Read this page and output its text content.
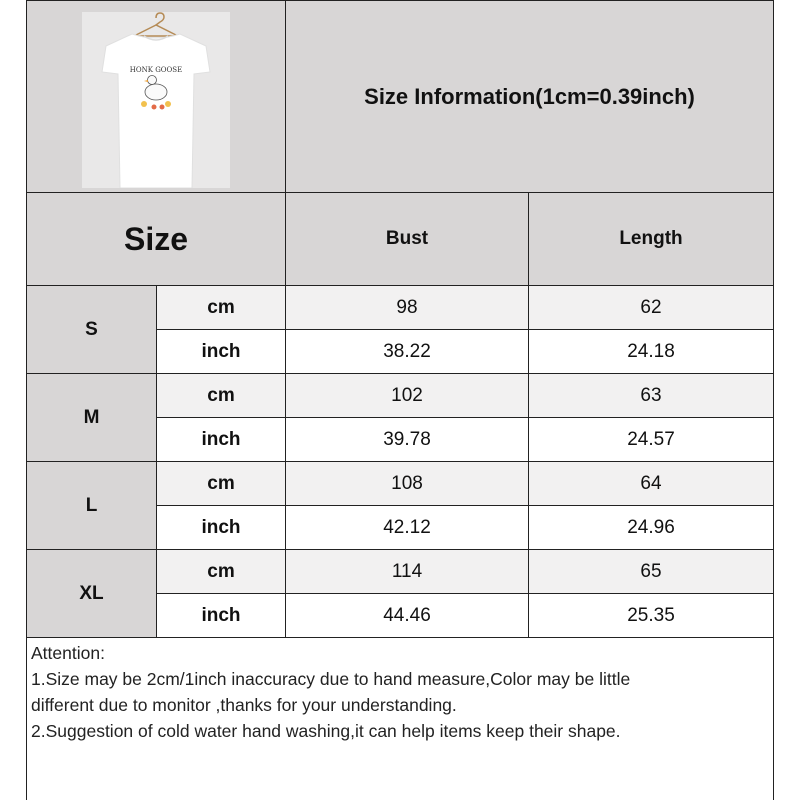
HONK GOOSE
Size Information(1cm=0.39inch)
Size	Bust	Length
S
cm	98	62
inch	38.22	24.18
M
cm	102	63
inch	39.78	24.57
L
cm	108	64
inch	42.12	24.96
XL
cm	114	65
inch	44.46	25.35
Attention:
1.Size may be 2cm/1inch inaccuracy due to hand measure,Color may be little
different due to monitor ,thanks for your understanding.
2.Suggestion of cold water hand washing,it can help items keep their shape.
